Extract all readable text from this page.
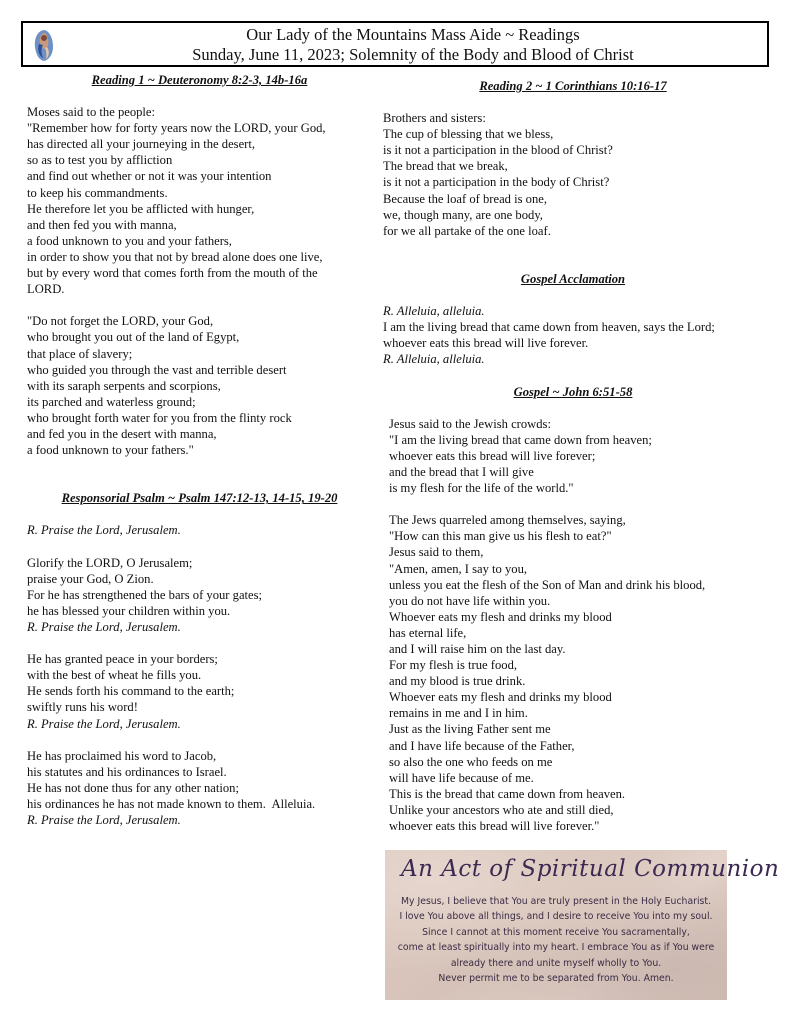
Our Lady of the Mountains Mass Aide ~ Readings
Sunday, June 11, 2023; Solemnity of the Body and Blood of Christ
Reading 1 ~ Deuteronomy 8:2-3, 14b-16a

Moses said to the people:

"Remember how for forty years now the LORD, your God,

has directed all your journeying in the desert,

so as to test you by affliction

and find out whether or not it was your intention

to keep his commandments.

He therefore let you be afflicted with hunger,

and then fed you with manna,

a food unknown to you and your fathers,

in order to show you that not by bread alone does one live,

but by every word that comes forth from the mouth of the

LORD.

"Do not forget the LORD, your God,

who brought you out of the land of Egypt,

that place of slavery;

who guided you through the vast and terrible desert

with its saraph serpents and scorpions,

its parched and waterless ground;

who brought forth water for you from the flinty rock

and fed you in the desert with manna,

a food unknown to your fathers."

Responsorial Psalm ~ Psalm 147:12-13, 14-15, 19-20

R. Praise the Lord, Jerusalem.

Glorify the LORD, O Jerusalem;

praise your God, O Zion.

For he has strengthened the bars of your gates;

he has blessed your children within you.

R. Praise the Lord, Jerusalem.

He has granted peace in your borders;

with the best of wheat he fills you.

He sends forth his command to the earth;

swiftly runs his word!

R. Praise the Lord, Jerusalem.

He has proclaimed his word to Jacob,

his statutes and his ordinances to Israel.

He has not done thus for any other nation;

his ordinances he has not made known to them.  Alleluia.

R. Praise the Lord, Jerusalem.

Reading 2 ~ 1 Corinthians 10:16-17

Brothers and sisters:

The cup of blessing that we bless,

is it not a participation in the blood of Christ?

The bread that we break,

is it not a participation in the body of Christ?

Because the loaf of bread is one,

we, though many, are one body,

for we all partake of the one loaf.

Gospel Acclamation

R. Alleluia, alleluia.

I am the living bread that came down from heaven, says the Lord;

whoever eats this bread will live forever.

R. Alleluia, alleluia.

Gospel ~ John 6:51-58

Jesus said to the Jewish crowds:

"I am the living bread that came down from heaven;

whoever eats this bread will live forever;

and the bread that I will give

is my flesh for the life of the world."

The Jews quarreled among themselves, saying,

"How can this man give us his flesh to eat?"

Jesus said to them,

"Amen, amen, I say to you,

unless you eat the flesh of the Son of Man and drink his blood,

you do not have life within you.

Whoever eats my flesh and drinks my blood

has eternal life,

and I will raise him on the last day.

For my flesh is true food,

and my blood is true drink.

Whoever eats my flesh and drinks my blood

remains in me and I in him.

Just as the living Father sent me

and I have life because of the Father,

so also the one who feeds on me

will have life because of me.

This is the bread that came down from heaven.

Unlike your ancestors who ate and still died,

whoever eats this bread will live forever."

An Act of Spiritual Communion

My Jesus, I believe that You are truly present in the Holy Eucharist.

I love You above all things, and I desire to receive You into my soul.

Since I cannot at this moment receive You sacramentally,

come at least spiritually into my heart. I embrace You as if You were

already there and unite myself wholly to You.

Never permit me to be separated from You. Amen.
